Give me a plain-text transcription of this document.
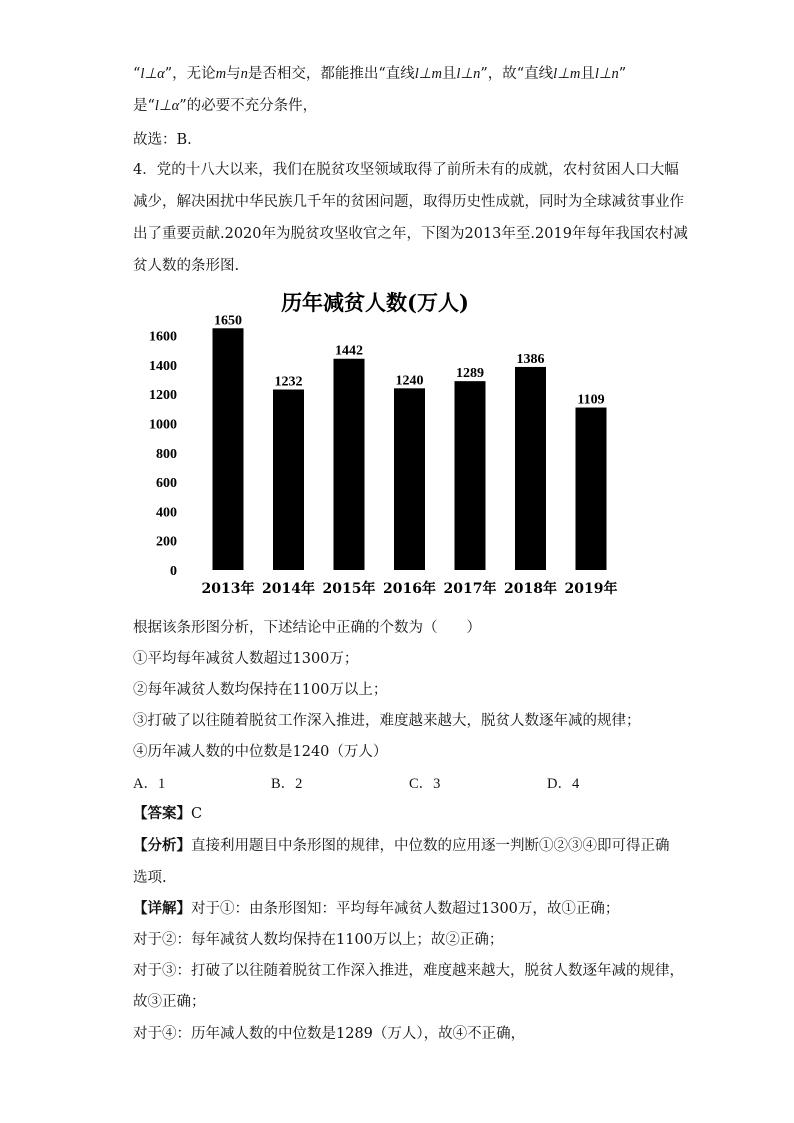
“l⊥α”，无论m与n是否相交，都能推出“直线l⊥m且l⊥n”，故“直线l⊥m且l⊥n”
是“l⊥α”的必要不充分条件，
故选：B.
4．党的十八大以来，我们在脱贫攻坚领域取得了前所未有的成就，农村贫困人口大幅
减少，解决困扰中华民族几千年的贫困问题，取得历史性成就，同时为全球减贫事业作
出了重要贡献.2020年为脱贫攻坚收官之年，下图为2013年至.2019年每年我国农村减
贫人数的条形图.
历年减贫人数(万人)
0
200
400
600
800
1000
1200
1400
1600
1650
1232
1442
1240 1289
1386
1109
2013年 2014年 2015年 2016年 2017年 2018年 2019年
根据该条形图分析，下述结论中正确的个数为（　　）
①平均每年减贫人数超过1300万；
②每年减贫人数均保持在1100万以上；
③打破了以往随着脱贫工作深入推进，难度越来越大，脱贫人数逐年减的规律；
④历年减人数的中位数是1240（万人）
A．1	B．2	C．3	D．4
【答案】C
【分析】直接利用题目中条形图的规律，中位数的应用逐一判断①②③④即可得正确
选项.
【详解】对于①：由条形图知：平均每年减贫人数超过1300万，故①正确；
对于②：每年减贫人数均保持在1100万以上；故②正确；
对于③：打破了以往随着脱贫工作深入推进，难度越来越大，脱贫人数逐年减的规律，
故③正确；
对于④：历年减人数的中位数是1289（万人），故④不正确，
